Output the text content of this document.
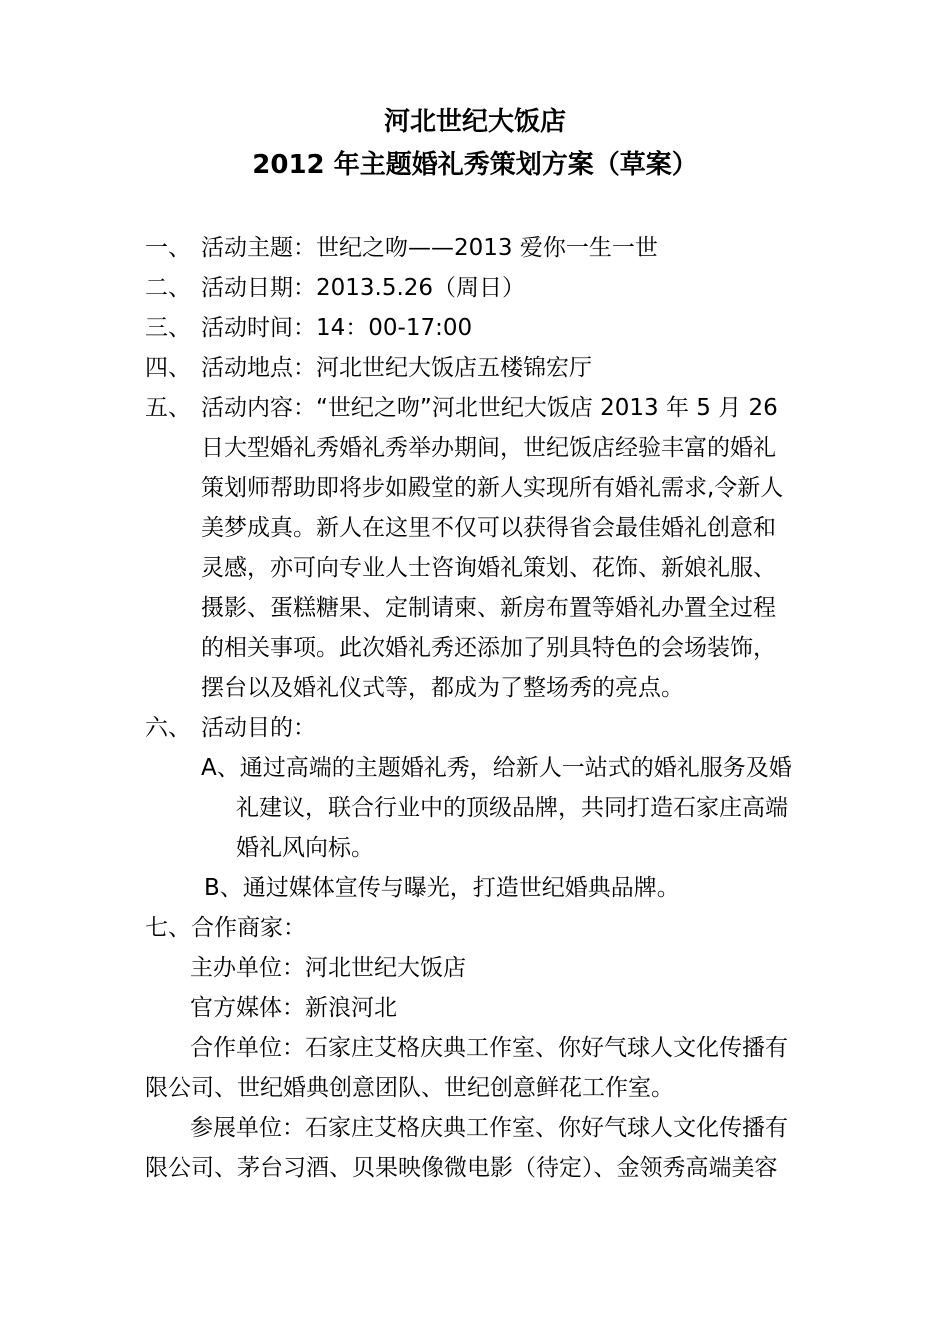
河北世纪大饭店
2012 年主题婚礼秀策划方案（草案）
一、 活动主题：世纪之吻——2013 爱你一生一世
二、 活动日期：2013.5.26（周日）
三、 活动时间：14：00-17:00
四、 活动地点：河北世纪大饭店五楼锦宏厅
五、 活动内容：“世纪之吻”河北世纪大饭店 2013 年 5 月 26
日大型婚礼秀婚礼秀举办期间，世纪饭店经验丰富的婚礼
策划师帮助即将步如殿堂的新人实现所有婚礼需求,令新人
美梦成真。新人在这里不仅可以获得省会最佳婚礼创意和
灵感，亦可向专业人士咨询婚礼策划、花饰、新娘礼服、
摄影、蛋糕糖果、定制请柬、新房布置等婚礼办置全过程
的相关事项。此次婚礼秀还添加了别具特色的会场装饰，
摆台以及婚礼仪式等，都成为了整场秀的亮点。
六、 活动目的：
A、通过高端的主题婚礼秀，给新人一站式的婚礼服务及婚
礼建议，联合行业中的顶级品牌，共同打造石家庄高端
婚礼风向标。
B、通过媒体宣传与曝光，打造世纪婚典品牌。
七、合作商家：
主办单位：河北世纪大饭店
官方媒体：新浪河北
合作单位：石家庄艾格庆典工作室、你好气球人文化传播有
限公司、世纪婚典创意团队、世纪创意鲜花工作室。
参展单位：石家庄艾格庆典工作室、你好气球人文化传播有
限公司、茅台习酒、贝果映像微电影（待定）、金领秀高端美容
